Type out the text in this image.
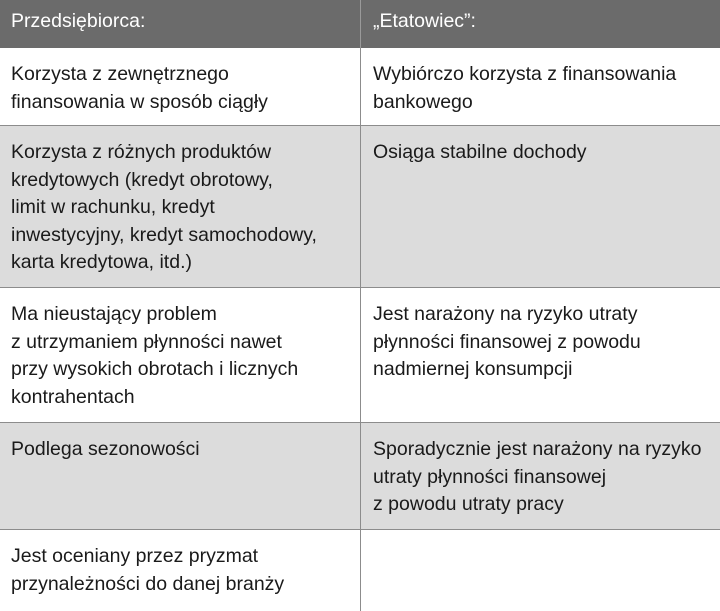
Przedsiębiorca:	„Etatowiec”:
Korzysta z zewnętrznego
finansowania w sposób ciągły
Wybiórczo korzysta z finansowania
bankowego
Korzysta z różnych produktów
kredytowych (kredyt obrotowy,
limit w rachunku, kredyt
inwestycyjny, kredyt samochodowy,
karta kredytowa, itd.)
Osiąga stabilne dochody
Ma nieustający problem
z utrzymaniem płynności nawet
przy wysokich obrotach i licznych
kontrahentach
Jest narażony na ryzyko utraty
płynności finansowej z powodu
nadmiernej konsumpcji
Podlega sezonowości	Sporadycznie jest narażony na ryzyko
utraty płynności finansowej
z powodu utraty pracy
Jest oceniany przez pryzmat
przynależności do danej branży
